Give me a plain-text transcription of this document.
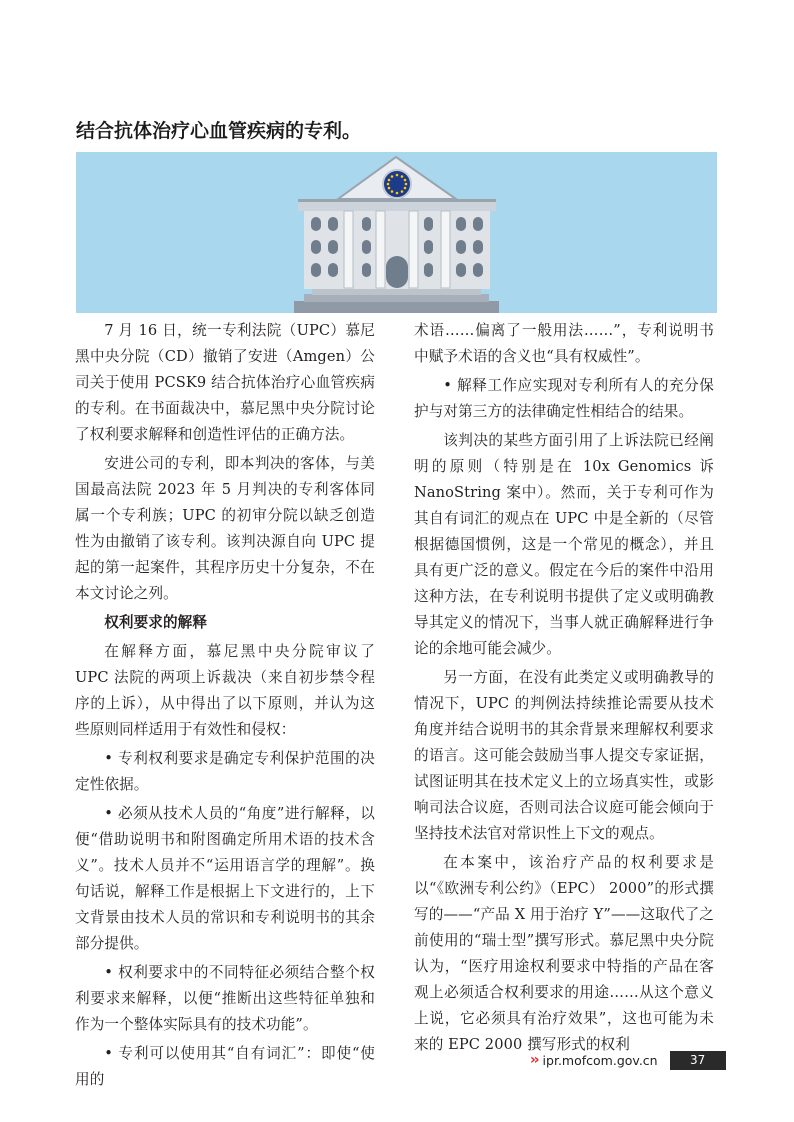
结合抗体治疗心血管疾病的专利。

7 月 16 日，统一专利法院（UPC）慕尼黑中央分院（CD）撤销了安进（Amgen）公司关于使用 PCSK9 结合抗体治疗心血管疾病的专利。在书面裁决中，慕尼黑中央分院讨论了权利要求解释和创造性评估的正确方法。

安进公司的专利，即本判决的客体，与美国最高法院 2023 年 5 月判决的专利客体同属一个专利族；UPC 的初审分院以缺乏创造性为由撤销了该专利。该判决源自向 UPC 提起的第一起案件，其程序历史十分复杂，不在本文讨论之列。

权利要求的解释

在解释方面，慕尼黑中央分院审议了 UPC 法院的两项上诉裁决（来自初步禁令程序的上诉），从中得出了以下原则，并认为这些原则同样适用于有效性和侵权：

• 专利权利要求是确定专利保护范围的决定性依据。

• 必须从技术人员的“角度”进行解释，以便“借助说明书和附图确定所用术语的技术含义”。技术人员并不“运用语言学的理解”。换句话说，解释工作是根据上下文进行的，上下文背景由技术人员的常识和专利说明书的其余部分提供。

• 权利要求中的不同特征必须结合整个权利要求来解释，以便“推断出这些特征单独和作为一个整体实际具有的技术功能”。

• 专利可以使用其“自有词汇”：即使“使用的

术语……偏离了一般用法……”，专利说明书中赋予术语的含义也“具有权威性”。

• 解释工作应实现对专利所有人的充分保护与对第三方的法律确定性相结合的结果。

该判决的某些方面引用了上诉法院已经阐明的原则（特别是在 10x Genomics 诉 NanoString 案中）。然而，关于专利可作为其自有词汇的观点在 UPC 中是全新的（尽管根据德国惯例，这是一个常见的概念），并且具有更广泛的意义。假定在今后的案件中沿用这种方法，在专利说明书提供了定义或明确教导其定义的情况下，当事人就正确解释进行争论的余地可能会减少。

另一方面，在没有此类定义或明确教导的情况下，UPC 的判例法持续推论需要从技术角度并结合说明书的其余背景来理解权利要求的语言。这可能会鼓励当事人提交专家证据，试图证明其在技术定义上的立场真实性，或影响司法合议庭，否则司法合议庭可能会倾向于坚持技术法官对常识性上下文的观点。

在本案中，该治疗产品的权利要求是以“《欧洲专利公约》（EPC） 2000”的形式撰写的——“产品 X 用于治疗 Y”——这取代了之前使用的“瑞士型”撰写形式。慕尼黑中央分院认为，“医疗用途权利要求中特指的产品在客观上必须适合权利要求的用途……从这个意义上说，它必须具有治疗效果”，这也可能为未来的 EPC 2000 撰写形式的权利

›› ipr.mofcom.gov.cn	37
